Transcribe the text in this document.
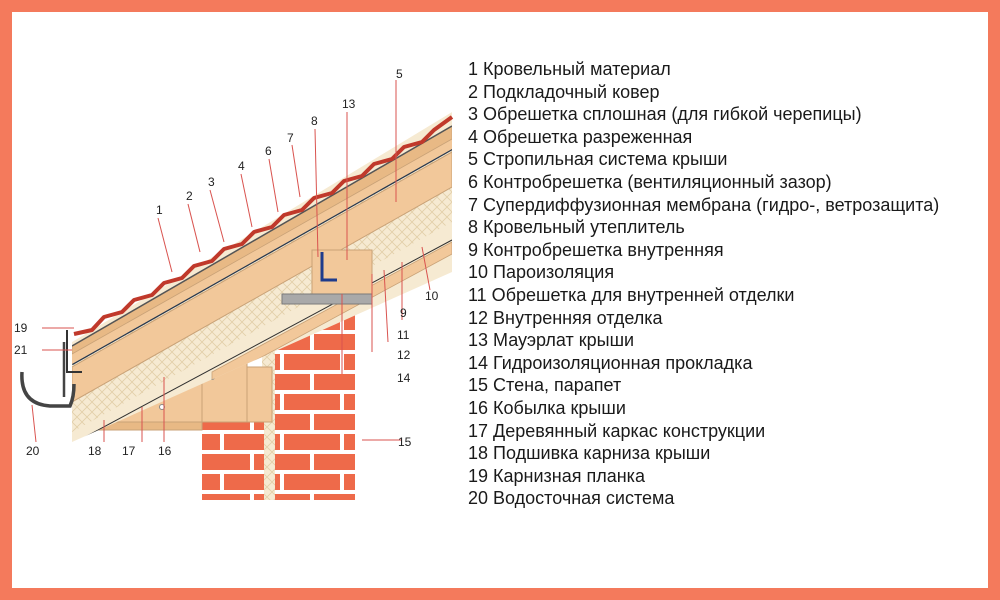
1
2
3
4
6
7
8
13
5
10
9
11
12
14
15
16
17
18
19
21
20
1 Кровельный материал
2 Подкладочный ковер
3 Обрешетка сплошная (для гибкой черепицы)
4 Обрешетка разреженная
5 Стропильная система крыши
6 Контробрешетка (вентиляционный зазор)
7 Супердиффузионная мембрана (гидро-, ветрозащита)
8 Кровельный утеплитель
9 Контробрешетка внутренняя
10 Пароизоляция
11 Обрешетка для внутренней отделки
12 Внутренняя отделка
13 Мауэрлат крыши
14 Гидроизоляционная прокладка
15 Стена, парапет
16 Кобылка крыши
17 Деревянный каркас конструкции
18 Подшивка карниза крыши
19 Карнизная планка
20 Водосточная система
